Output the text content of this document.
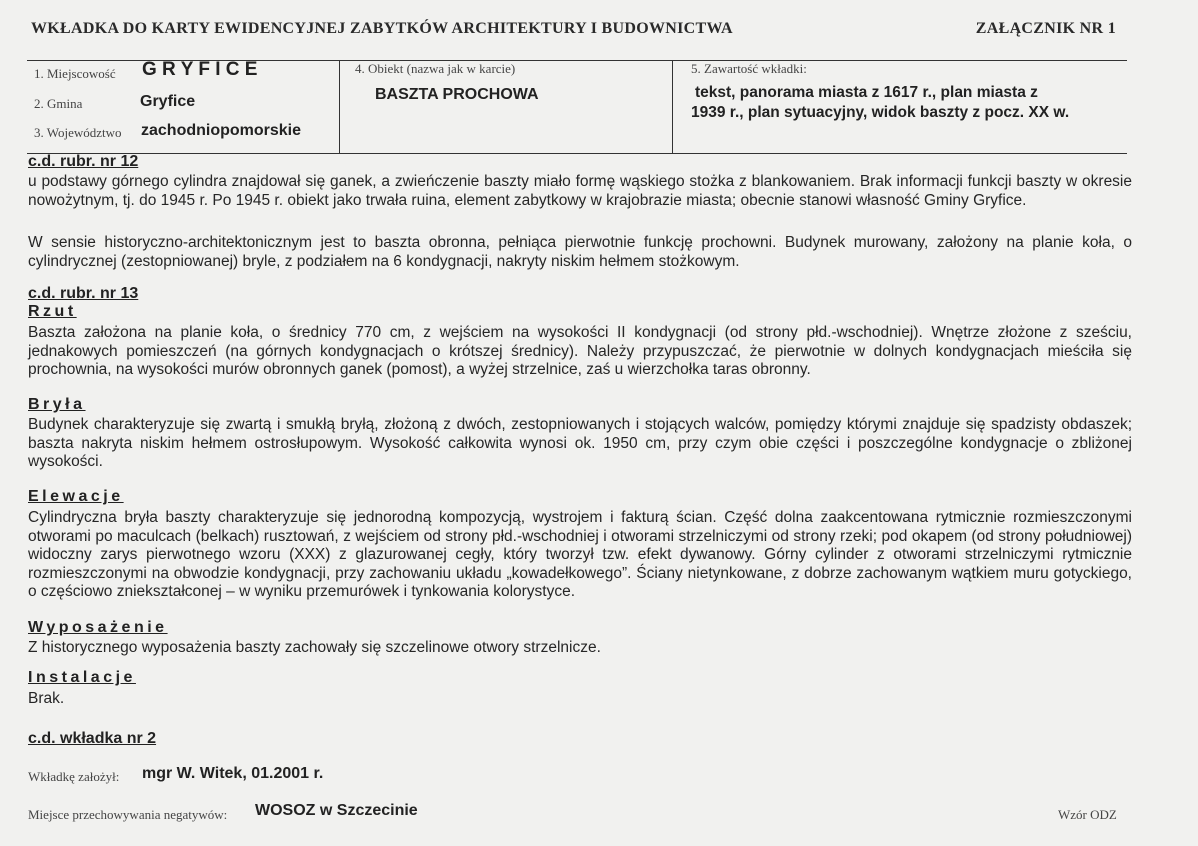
WKŁADKA DO KARTY EWIDENCYJNEJ ZABYTKÓW ARCHITEKTURY I BUDOWNICTWA	ZAŁĄCZNIK NR 1
1. Miejscowość G R Y F I C E
2. Gmina	Gryfice
3. Województwo zachodniopomorskie
4. Obiekt (nazwa jak w karcie)
BASZTA PROCHOWA
5. Zawartość wkładki:
tekst, panorama miasta z 1617 r., plan miasta z
1939 r., plan sytuacyjny, widok baszty z pocz. XX w.
c.d. rubr. nr 12
u podstawy górnego cylindra znajdował się ganek, a zwieńczenie baszty miało formę wąskiego stożka z blankowaniem. Brak informacji funkcji baszty w okresie nowożytnym, tj. do 1945 r. Po 1945 r. obiekt jako trwała ruina, element zabytkowy w krajobrazie miasta; obecnie stanowi własność Gminy Gryfice.
W sensie historyczno-architektonicznym jest to baszta obronna, pełniąca pierwotnie funkcję prochowni. Budynek murowany, założony na planie koła, o cylindrycznej (zestopniowanej) bryle, z podziałem na 6 kondygnacji, nakryty niskim hełmem stożkowym.
c.d. rubr. nr 13
Rzut
Baszta założona na planie koła, o średnicy 770 cm, z wejściem na wysokości II kondygnacji (od strony płd.-wschodniej). Wnętrze złożone z sześciu, jednakowych pomieszczeń (na górnych kondygnacjach o krótszej średnicy). Należy przypuszczać, że pierwotnie w dolnych kondygnacjach mieściła się prochownia, na wysokości murów obronnych ganek (pomost), a wyżej strzelnice, zaś u wierzchołka taras obronny.
Bryła
Budynek charakteryzuje się zwartą i smukłą bryłą, złożoną z dwóch, zestopniowanych i stojących walców, pomiędzy którymi znajduje się spadzisty obdaszek; baszta nakryta niskim hełmem ostrosłupowym. Wysokość całkowita wynosi ok. 1950 cm, przy czym obie części i poszczególne kondygnacje o zbliżonej wysokości.
Elewacje
Cylindryczna bryła baszty charakteryzuje się jednorodną kompozycją, wystrojem i fakturą ścian. Część dolna zaakcentowana rytmicznie rozmieszczonymi otworami po maculcach (belkach) rusztowań, z wejściem od strony płd.-wschodniej i otworami strzelniczymi od strony rzeki; pod okapem (od strony południowej) widoczny zarys pierwotnego wzoru (XXX) z glazurowanej cegły, który tworzył tzw. efekt dywanowy. Górny cylinder z otworami strzelniczymi rytmicznie rozmieszczonymi na obwodzie kondygnacji, przy zachowaniu układu „kowadełkowego”. Ściany nietynkowane, z dobrze zachowanym wątkiem muru gotyckiego, o częściowo zniekształconej – w wyniku przemurówek i tynkowania kolorystyce.
Wyposażenie
Z historycznego wyposażenia baszty zachowały się szczelinowe otwory strzelnicze.
Instalacje
Brak.
c.d. wkładka nr 2
Wkładkę założył: mgr W. Witek, 01.2001 r.
Miejsce przechowywania negatywów: WOSOZ w Szczecinie	Wzór ODZ
